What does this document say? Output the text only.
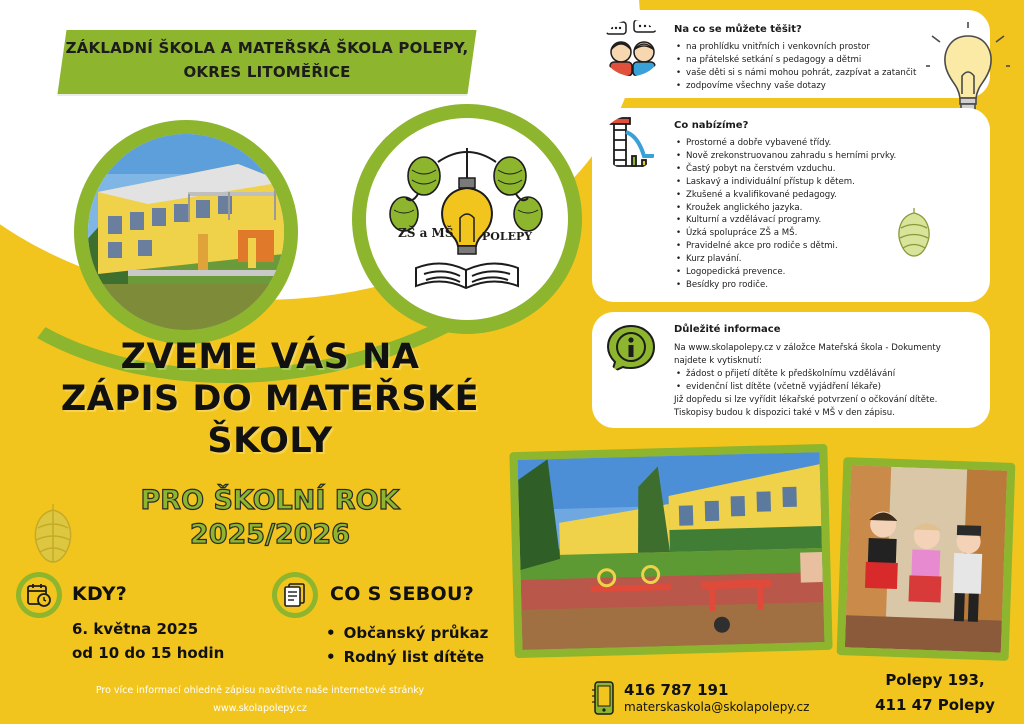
ZÁKLADNÍ ŠKOLA A MATEŘSKÁ ŠKOLA POLEPY,
OKRES LITOMĚŘICE
ZŠ a MŠ	POLEPY
ZVEME VÁS NA
ZÁPIS DO MATEŘSKÉ
ŠKOLY
PRO ŠKOLNÍ ROK
2025/2026
Na co se můžete těšit?
• na prohlídku vnitřních i venkovních prostor
• na přátelské setkání s pedagogy a dětmi
• vaše děti si s námi mohou pohrát, zazpívat a zatančit
• zodpovíme všechny vaše dotazy
Co nabízíme?
• Prostorné a dobře vybavené třídy.
• Nově zrekonstruovanou zahradu s herními prvky.
• Častý pobyt na čerstvém vzduchu.
• Laskavý a individuální přístup k dětem.
• Zkušené a kvalifikované pedagogy.
• Kroužek anglického jazyka.
• Kulturní a vzdělávací programy.
• Úzká spolupráce ZŠ a MŠ.
• Pravidelné akce pro rodiče s dětmi.
• Kurz plavání.
• Logopedická prevence.
• Besídky pro rodiče.
Důležité informace
Na www.skolapolepy.cz v záložce Mateřská škola - Dokumenty
najdete k vytisknutí:
• žádost o přijetí dítěte k předškolnímu vzdělávání
• evidenční list dítěte (včetně vyjádření lékaře)
Již dopředu si lze vyřídit lékařské potvrzení o očkování dítěte.
Tiskopisy budou k dispozici také v MŠ v den zápisu.
KDY?
6. května 2025
od 10 do 15 hodin
CO S SEBOU?
• Občanský průkaz
• Rodný list dítěte
Pro více informací ohledně zápisu navštivte naše internetové stránky
www.skolapolepy.cz
416 787 191
materskaskola@skolapolepy.cz
Polepy 193,
411 47 Polepy
